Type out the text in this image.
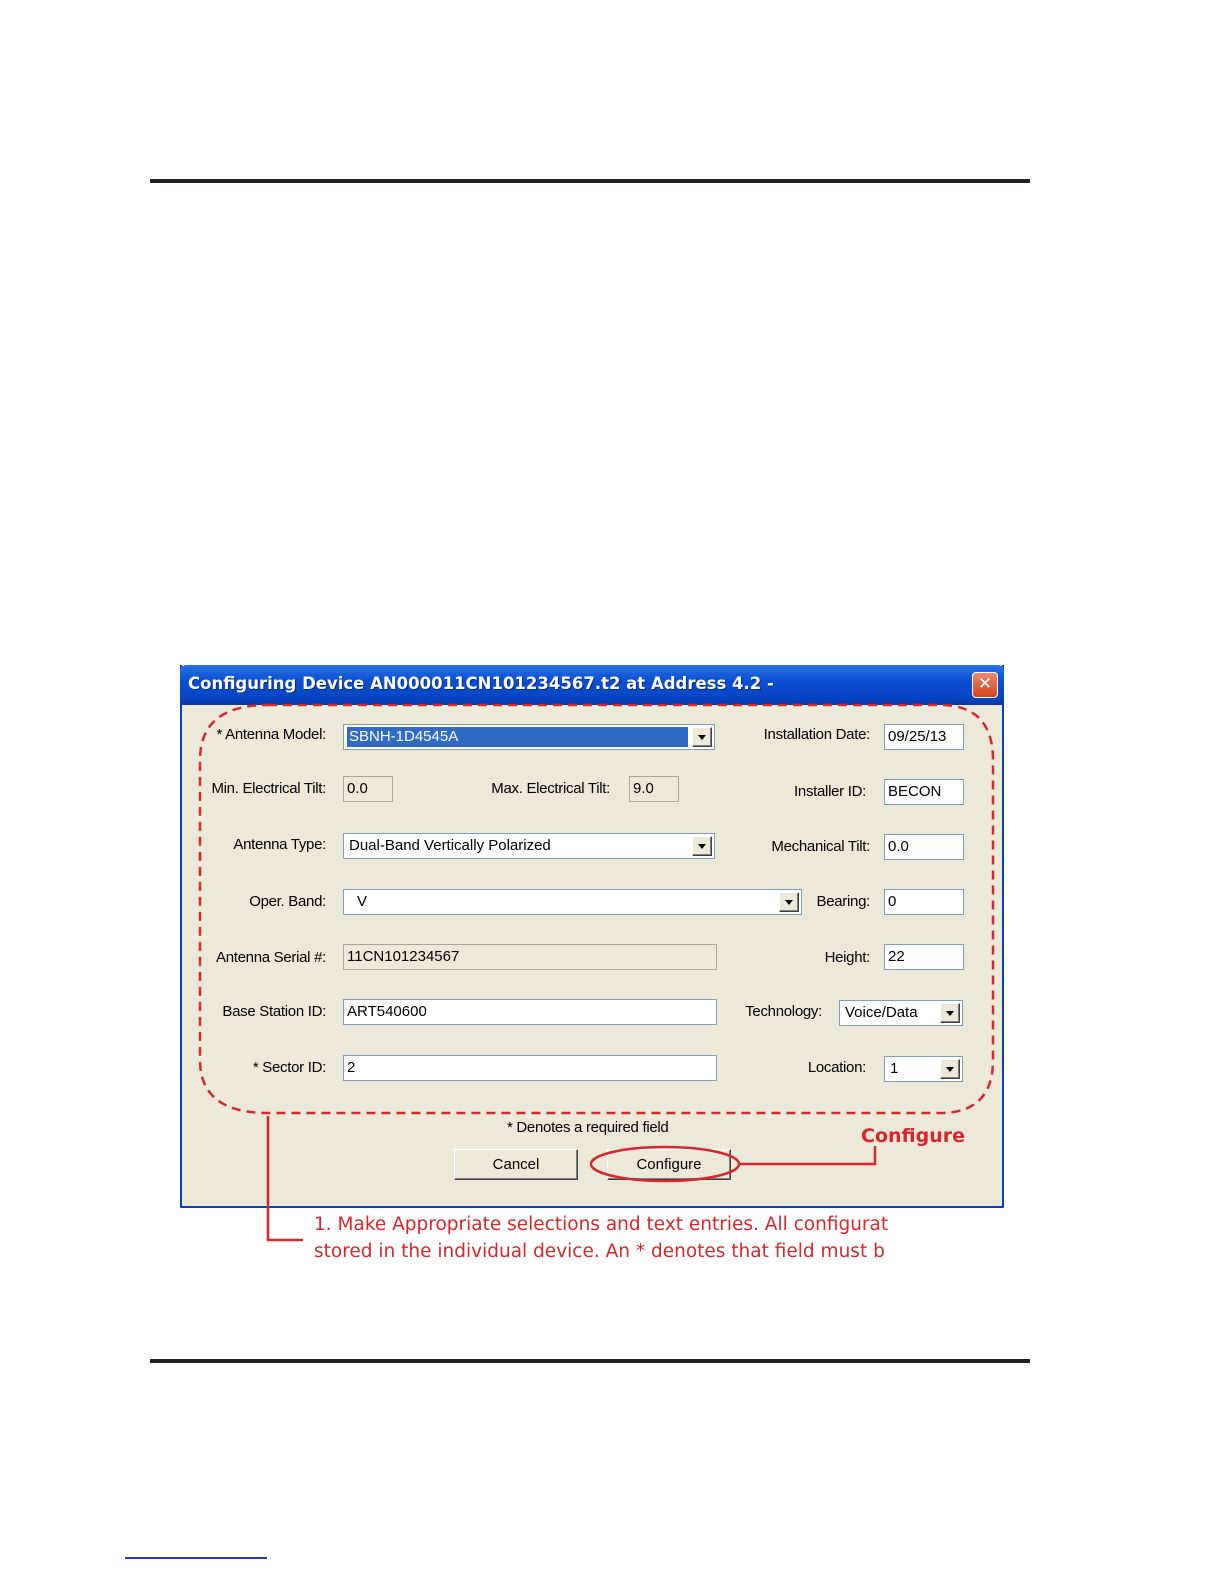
Configuring Device AN000011CN101234567.t2 at Address 4.2 -	✕
* Antenna Model: SBNH-1D4545A	Installation Date: 09/25/13
Min. Electrical Tilt: 0.0	Max. Electrical Tilt: 9.0	Installer ID: BECON
Antenna Type: Dual-Band Vertically Polarized	Mechanical Tilt: 0.0
Oper. Band:	V	Bearing: 0
Antenna Serial #: 11CN101234567	Height: 22
Base Station ID: ART540600	Technology: Voice/Data
* Sector ID: 2	Location: 1
* Denotes a required field
Cancel	Configure
Configure
1. Make Appropriate selections and text entries. All configurat
stored in the individual device. An * denotes that field must b
